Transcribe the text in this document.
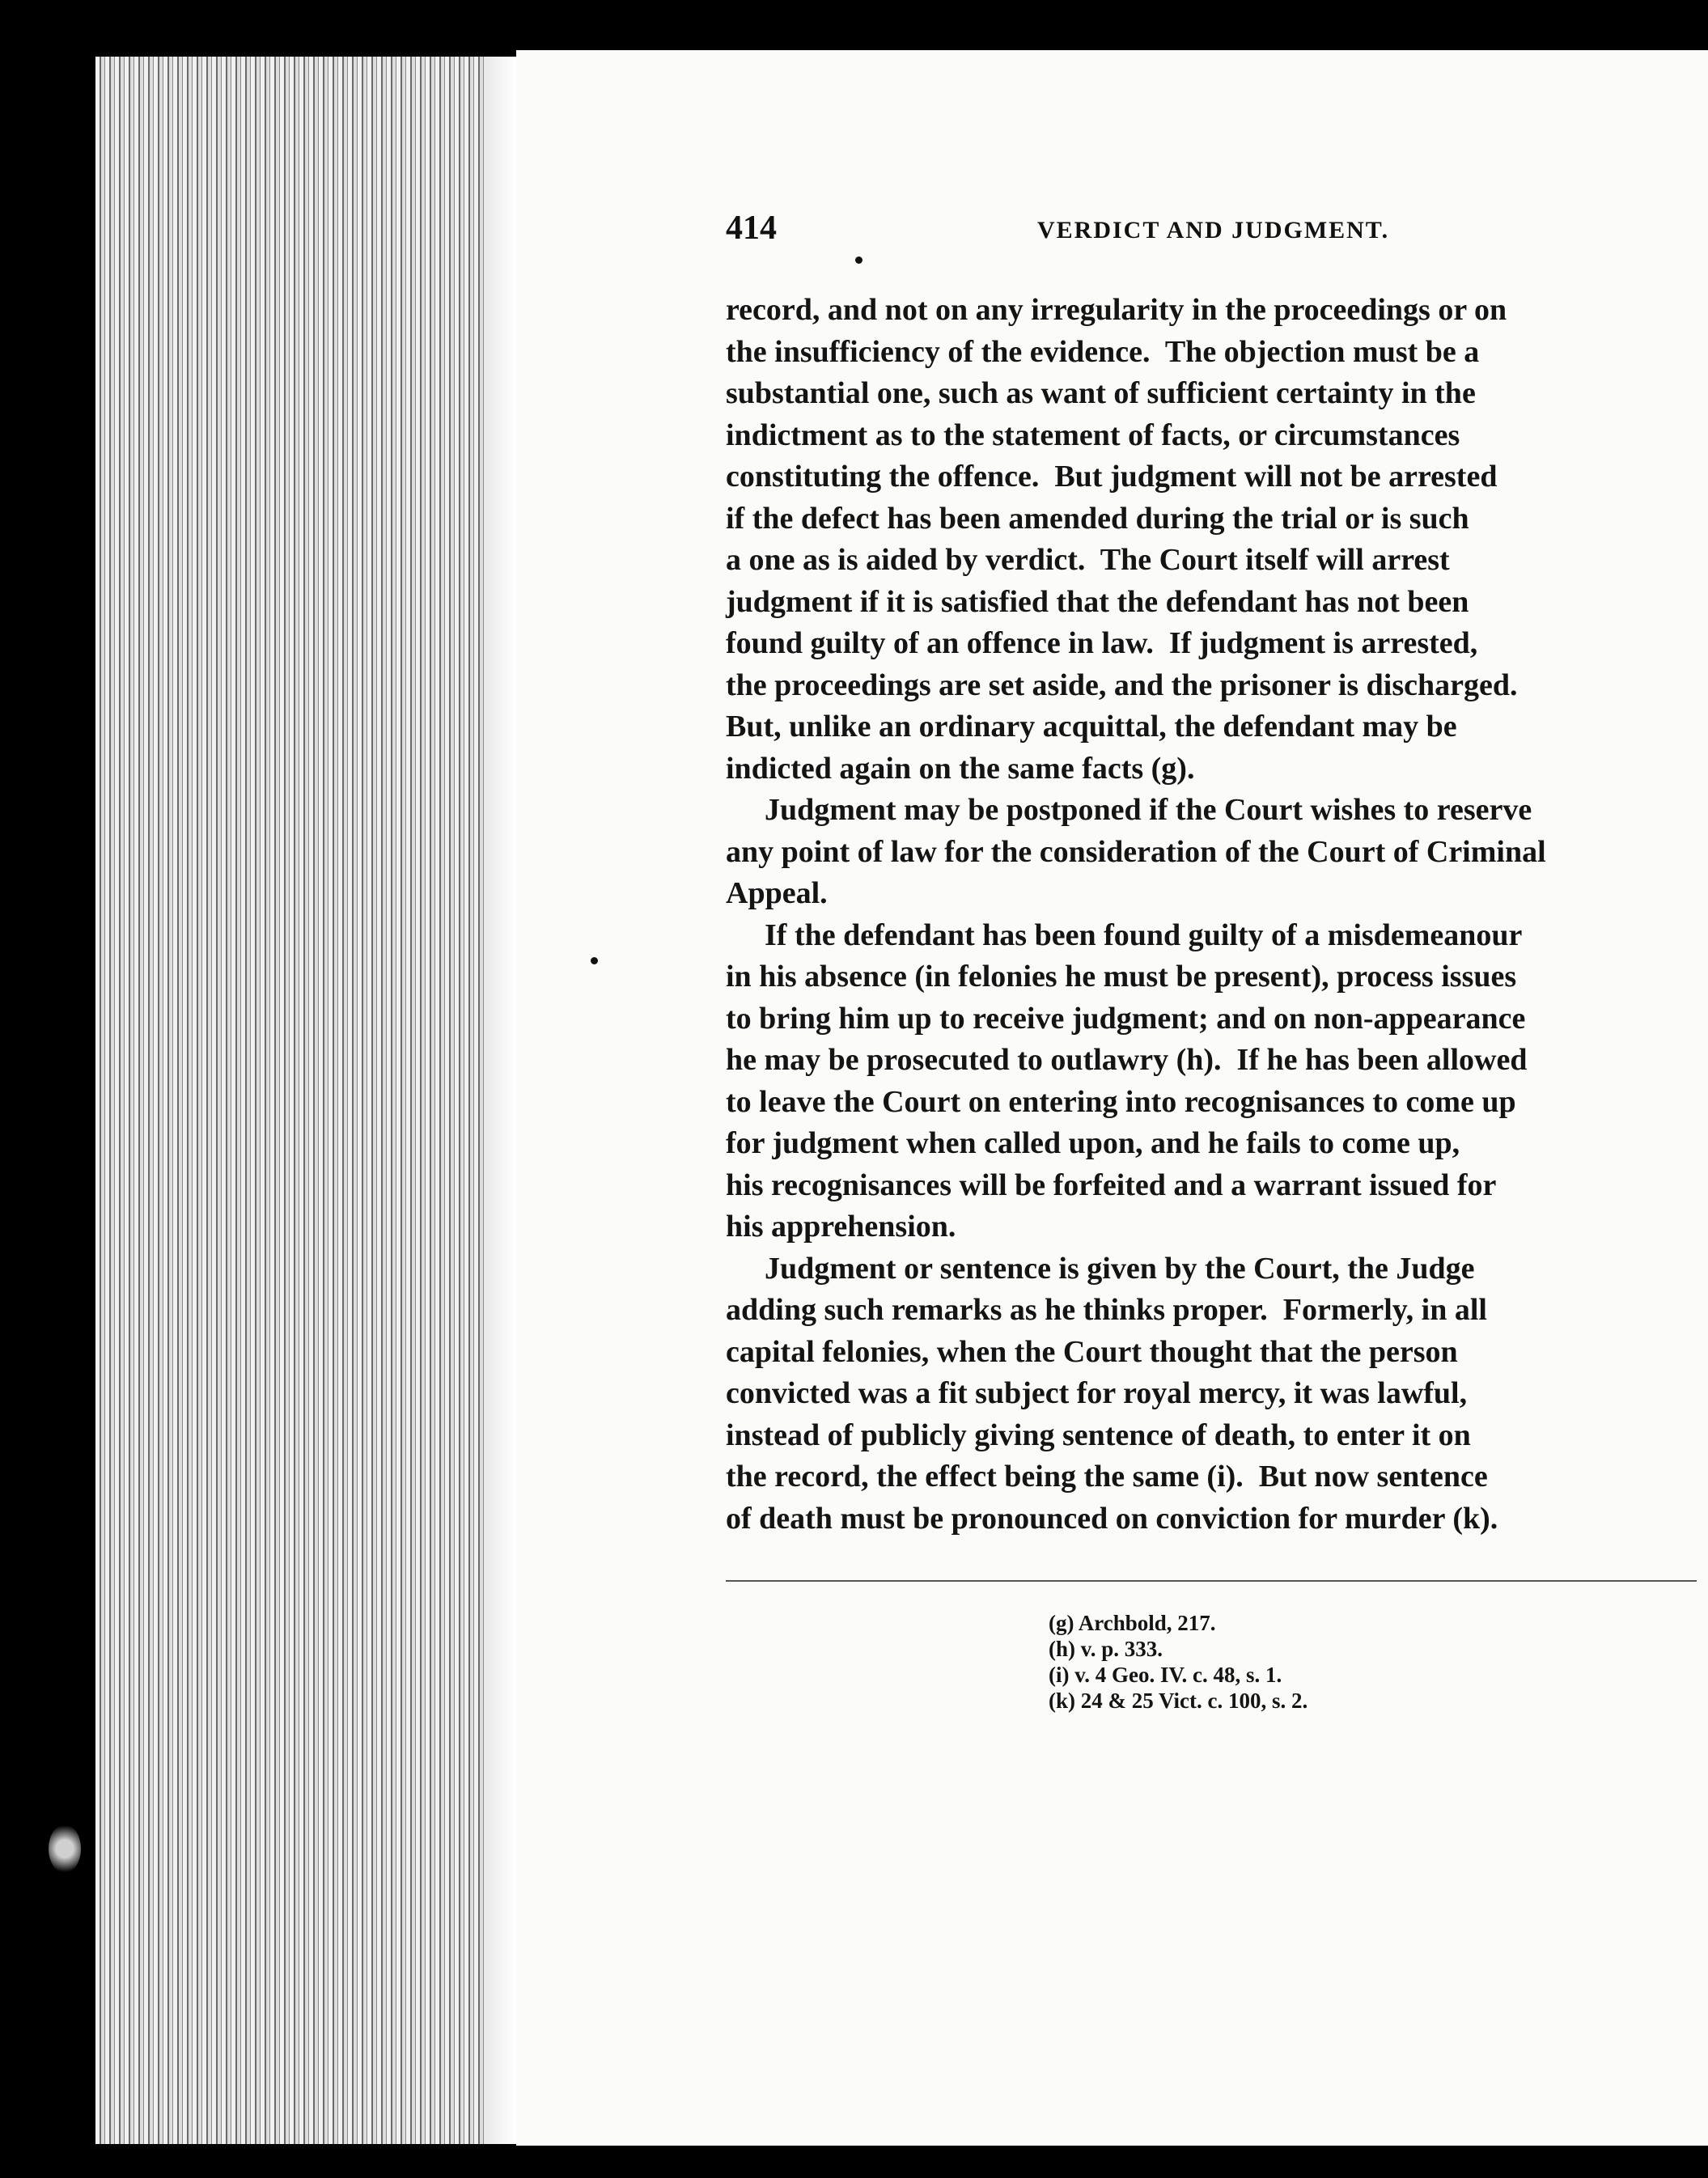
414	VERDICT AND JUDGMENT.
record, and not on any irregularity in the proceedings or on
the insufficiency of the evidence.  The objection must be a
substantial one, such as want of sufficient certainty in the
indictment as to the statement of facts, or circumstances
constituting the offence.  But judgment will not be arrested
if the defect has been amended during the trial or is such
a one as is aided by verdict.  The Court itself will arrest
judgment if it is satisfied that the defendant has not been
found guilty of an offence in law.  If judgment is arrested,
the proceedings are set aside, and the prisoner is discharged.
But, unlike an ordinary acquittal, the defendant may be
indicted again on the same facts (g).
Judgment may be postponed if the Court wishes to reserve
any point of law for the consideration of the Court of Criminal
Appeal.
If the defendant has been found guilty of a misdemeanour
in his absence (in felonies he must be present), process issues
to bring him up to receive judgment; and on non-appearance
he may be prosecuted to outlawry (h).  If he has been allowed
to leave the Court on entering into recognisances to come up
for judgment when called upon, and he fails to come up,
his recognisances will be forfeited and a warrant issued for
his apprehension.
Judgment or sentence is given by the Court, the Judge
adding such remarks as he thinks proper.  Formerly, in all
capital felonies, when the Court thought that the person
convicted was a fit subject for royal mercy, it was lawful,
instead of publicly giving sentence of death, to enter it on
the record, the effect being the same (i).  But now sentence
of death must be pronounced on conviction for murder (k).
(g) Archbold, 217.
(h) v. p. 333.
(i) v. 4 Geo. IV. c. 48, s. 1.
(k) 24 & 25 Vict. c. 100, s. 2.
